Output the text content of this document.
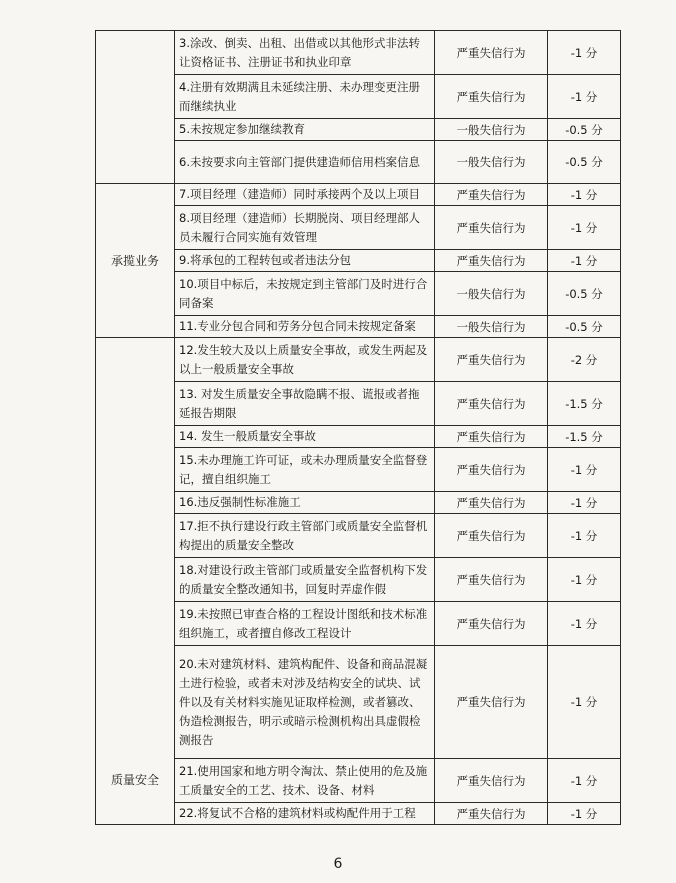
	3.涂改、倒卖、出租、出借或以其他形式非法转让资格证书、注册证书和执业印章	严重失信行为	-1 分
	4.注册有效期满且未延续注册、未办理变更注册而继续执业	严重失信行为	-1 分
	5.未按规定参加继续教育	一般失信行为	-0.5 分
	6.未按要求向主管部门提供建造师信用档案信息	一般失信行为	-0.5 分

承揽业务	7.项目经理（建造师）同时承接两个及以上项目	严重失信行为	-1 分
	8.项目经理（建造师）长期脱岗、项目经理部人员未履行合同实施有效管理	严重失信行为	-1 分
	9.将承包的工程转包或者违法分包	严重失信行为	-1 分
	10.项目中标后，未按规定到主管部门及时进行合同备案	一般失信行为	-0.5 分
	11.专业分包合同和劳务分包合同未按规定备案	一般失信行为	-0.5 分

质量安全	12.发生较大及以上质量安全事故，或发生两起及以上一般质量安全事故	严重失信行为	-2 分
	13. 对发生质量安全事故隐瞒不报、谎报或者拖延报告期限	严重失信行为	-1.5 分
	14. 发生一般质量安全事故	严重失信行为	-1.5 分
	15.未办理施工许可证，或未办理质量安全监督登记，擅自组织施工	严重失信行为	-1 分
	16.违反强制性标准施工	严重失信行为	-1 分
	17.拒不执行建设行政主管部门或质量安全监督机构提出的质量安全整改	严重失信行为	-1 分
	18.对建设行政主管部门或质量安全监督机构下发的质量安全整改通知书，回复时弄虚作假	严重失信行为	-1 分
	19.未按照已审查合格的工程设计图纸和技术标准组织施工，或者擅自修改工程设计	严重失信行为	-1 分
	20.未对建筑材料、建筑构配件、设备和商品混凝土进行检验，或者未对涉及结构安全的试块、试件以及有关材料实施见证取样检测，或者篡改、伪造检测报告，明示或暗示检测机构出具虚假检测报告	严重失信行为	-1 分
	21.使用国家和地方明令淘汰、禁止使用的危及施工质量安全的工艺、技术、设备、材料	严重失信行为	-1 分
	22.将复试不合格的建筑材料或构配件用于工程	严重失信行为	-1 分
6
